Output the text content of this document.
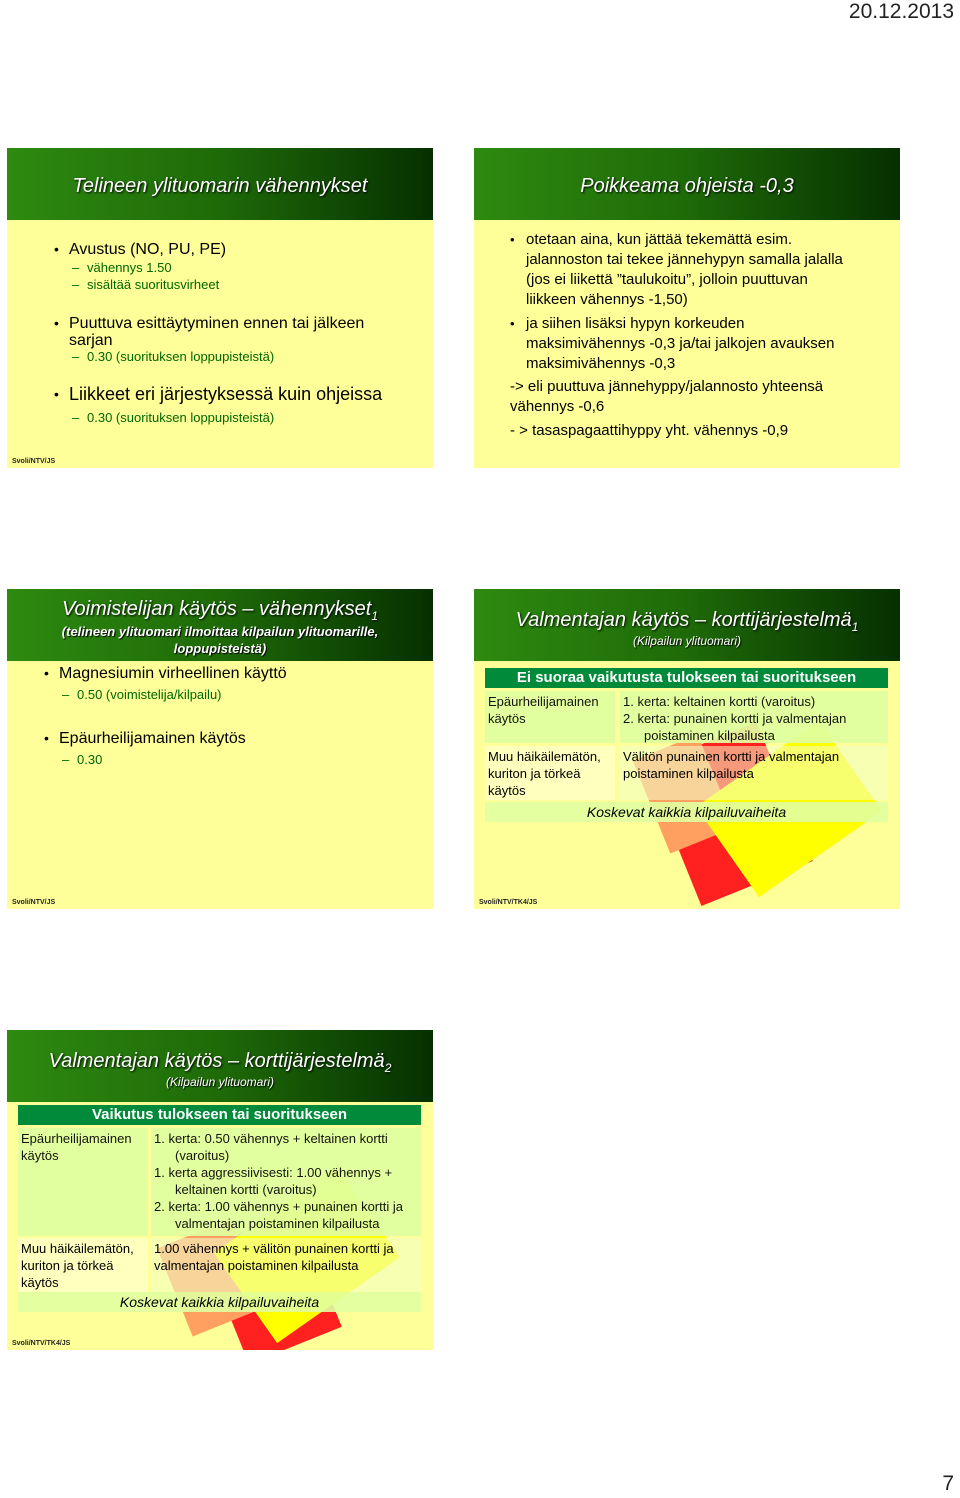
20.12.2013
Telineen ylituomarin vähennykset
• Avustus (NO, PU, PE)
– vähennys 1.50
– sisältää suoritusvirheet
• Puuttuva esittäytyminen ennen tai jälkeen sarjan
– 0.30 (suorituksen loppupisteistä)
• Liikkeet eri järjestyksessä kuin ohjeissa
– 0.30 (suorituksen loppupisteistä)
Svoli/NTV/JS
Poikkeama ohjeista -0,3
• otetaan aina, kun jättää tekemättä esim. jalannoston tai tekee jännehypyn samalla jalalla (jos ei liikettä ”taulukoitu”, jolloin puuttuvan liikkeen vähennys -1,50)
• ja siihen lisäksi hypyn korkeuden maksimivähennys -0,3 ja/tai jalkojen avauksen maksimivähennys -0,3
-> eli puuttuva jännehyppy/jalannosto yhteensä vähennys -0,6
- > tasaspagaattihyppy yht. vähennys -0,9
Voimistelijan käytös – vähennykset$_1$
(telineen ylituomari ilmoittaa kilpailun ylituomarille, loppupisteistä)
• Magnesiumin virheellinen käyttö
– 0.50 (voimistelija/kilpailu)
• Epäurheilijamainen käytös
– 0.30
Svoli/NTV/JS
Valmentajan käytös – korttijärjestelmä$_1$
(Kilpailun ylituomari)
Ei suoraa vaikutusta tulokseen tai suoritukseen
Epäurheilijamainen käytös
1. kerta: keltainen kortti (varoitus)
2. kerta: punainen kortti ja valmentajan poistaminen kilpailusta
Muu häikäilemätön, kuriton ja törkeä käytös
Välitön punainen kortti ja valmentajan poistaminen kilpailusta
Koskevat kaikkia kilpailuvaiheita
Svoli/NTV/TK4/JS
Valmentajan käytös – korttijärjestelmä$_2$
(Kilpailun ylituomari)
Vaikutus tulokseen tai suoritukseen
Epäurheilijamainen käytös
1. kerta: 0.50 vähennys + keltainen kortti (varoitus)
1. kerta aggressiivisesti: 1.00 vähennys + keltainen kortti (varoitus)
2. kerta: 1.00 vähennys + punainen kortti ja valmentajan poistaminen kilpailusta
Muu häikäilemätön, kuriton ja törkeä käytös
1.00 vähennys + välitön punainen kortti ja valmentajan poistaminen kilpailusta
Koskevat kaikkia kilpailuvaiheita
Svoli/NTV/TK4/JS
7
